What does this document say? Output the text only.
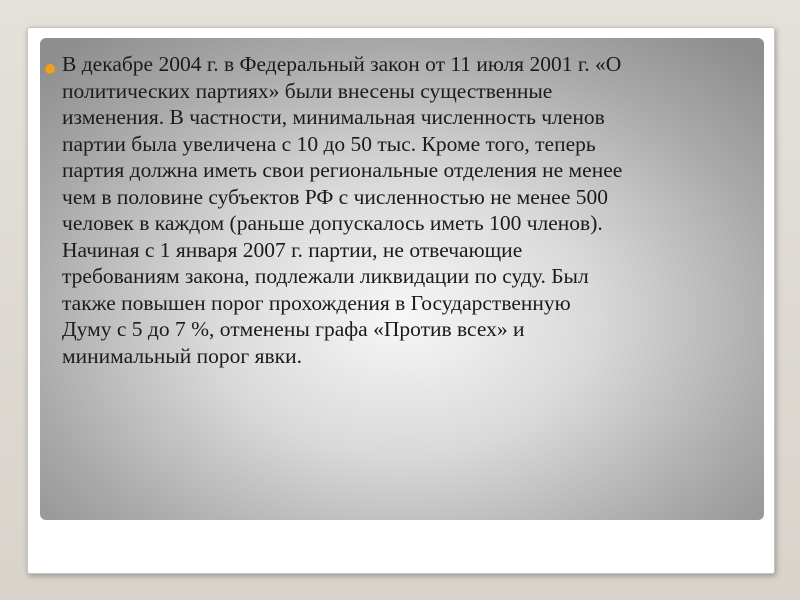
В декабре 2004 г. в Федеральный закон от 11 июля 2001 г. «О
политических партиях» были внесены существенные
изменения. В частности, минимальная численность членов
партии была увеличена с 10 до 50 тыс. Кроме того, теперь
партия должна иметь свои региональные отделения не менее
чем в половине субъектов РФ с численностью не менее 500
человек в каждом (раньше допускалось иметь 100 членов).
Начиная с 1 января 2007 г. партии, не отвечающие
требованиям закона, подлежали ликвидации по суду. Был
также повышен порог прохождения в Государственную
Думу с 5 до 7 %, отменены графа «Против всех» и
минимальный порог явки.
